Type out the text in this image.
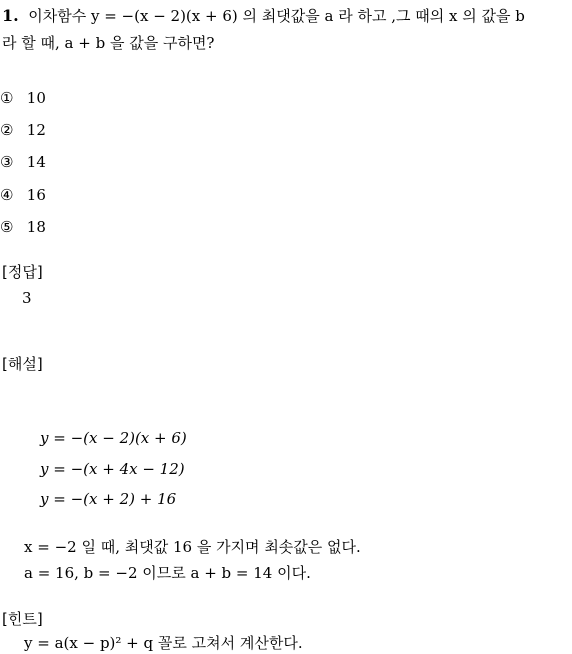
1. 이차함수 y = −(x − 2)(x + 6) 의 최댓값을 a 라 하고 ,그 때의 x 의 값을 b
라 할 때, a + b 을 값을 구하면?
① 10
② 12
③ 14
④ 16
⑤ 18
[정답]
3
[해설]
y = −(x − 2)(x + 6)
y = −(x + 4x − 12)
y = −(x + 2) + 16
x = −2 일 때, 최댓값 16 을 가지며 최솟값은 없다.
a = 16, b = −2 이므로 a + b = 14 이다.
[힌트]
y = a(x − p)² + q 꼴로 고쳐서 계산한다.
